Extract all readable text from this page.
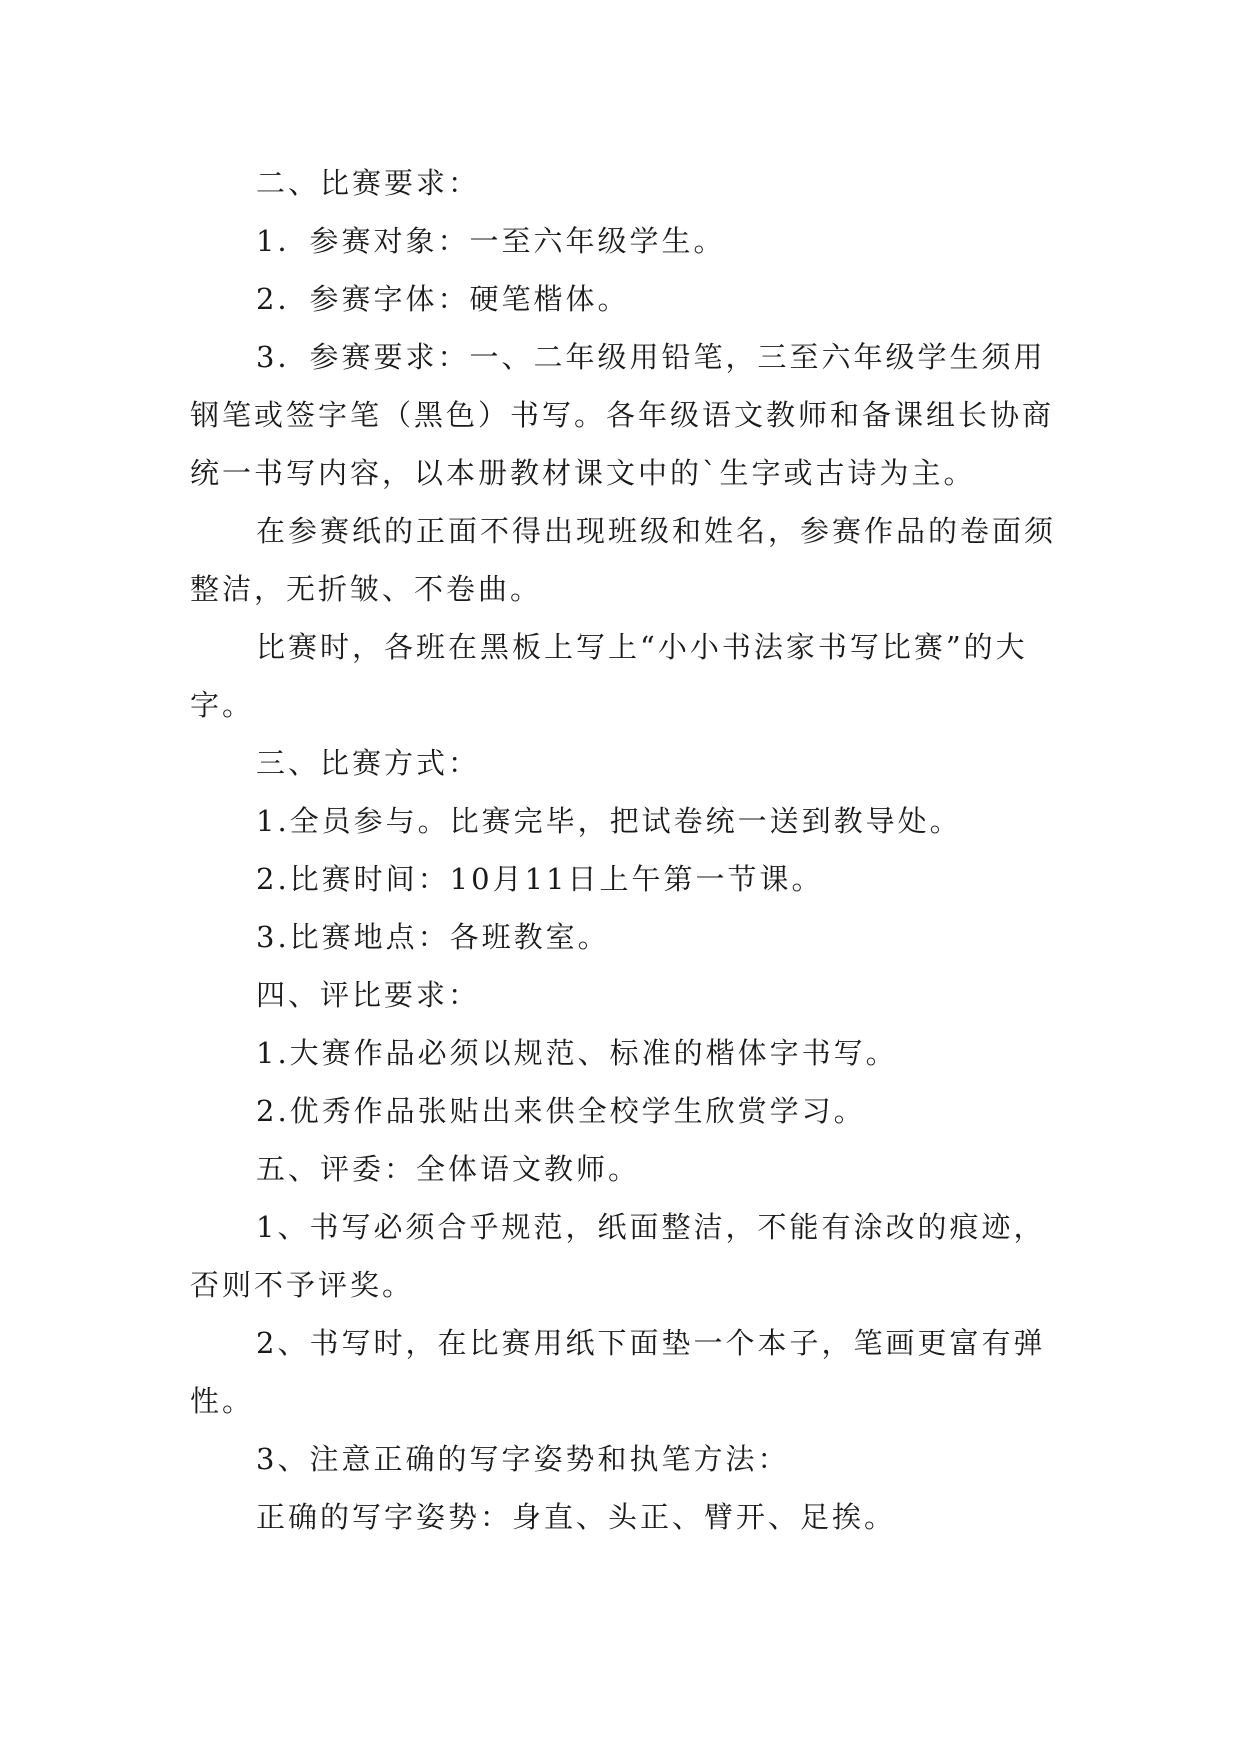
二、比赛要求：

1．参赛对象：一至六年级学生。

2．参赛字体：硬笔楷体。

3．参赛要求：一、二年级用铅笔，三至六年级学生须用钢笔或签字笔（黑色）书写。各年级语文教师和备课组长协商统一书写内容，以本册教材课文中的`生字或古诗为主。

在参赛纸的正面不得出现班级和姓名，参赛作品的卷面须整洁，无折皱、不卷曲。

比赛时，各班在黑板上写上“小小书法家书写比赛”的大字。

三、比赛方式：

1.全员参与。比赛完毕，把试卷统一送到教导处。

2.比赛时间：10月11日上午第一节课。

3.比赛地点：各班教室。

四、评比要求：

1.大赛作品必须以规范、标准的楷体字书写。

2.优秀作品张贴出来供全校学生欣赏学习。

五、评委：全体语文教师。

1、书写必须合乎规范，纸面整洁，不能有涂改的痕迹，否则不予评奖。

2、书写时，在比赛用纸下面垫一个本子，笔画更富有弹性。

3、注意正确的写字姿势和执笔方法：

正确的写字姿势：身直、头正、臂开、足挨。
